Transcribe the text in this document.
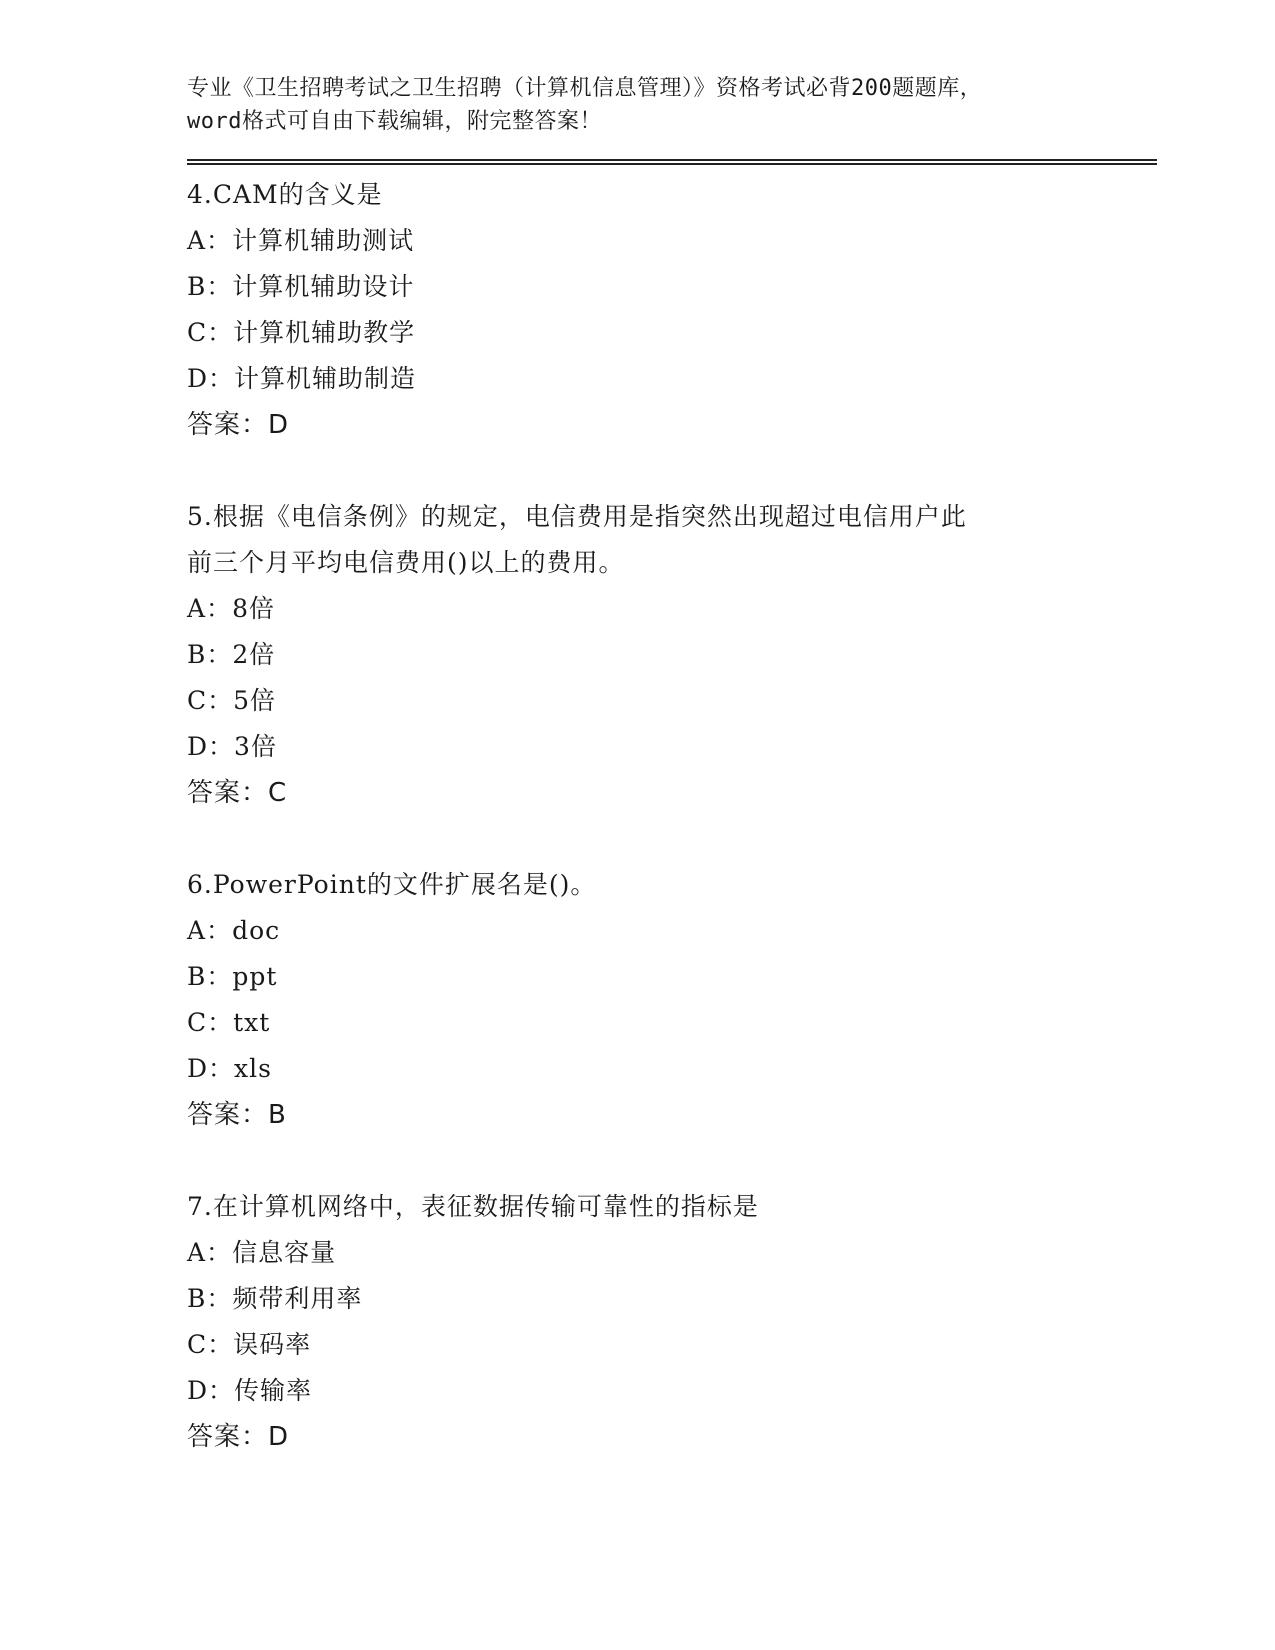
专业《卫生招聘考试之卫生招聘（计算机信息管理）》资格考试必背200题题库，
word格式可自由下载编辑，附完整答案！
4.CAM的含义是
A：计算机辅助测试
B：计算机辅助设计
C：计算机辅助教学
D：计算机辅助制造
答案：D
5.根据《电信条例》的规定，电信费用是指突然出现超过电信用户此
前三个月平均电信费用()以上的费用。
A：8倍
B：2倍
C：5倍
D：3倍
答案：C
6.PowerPoint的文件扩展名是()。
A：doc
B：ppt
C：txt
D：xls
答案：B
7.在计算机网络中，表征数据传输可靠性的指标是
A：信息容量
B：频带利用率
C：误码率
D：传输率
答案：D
